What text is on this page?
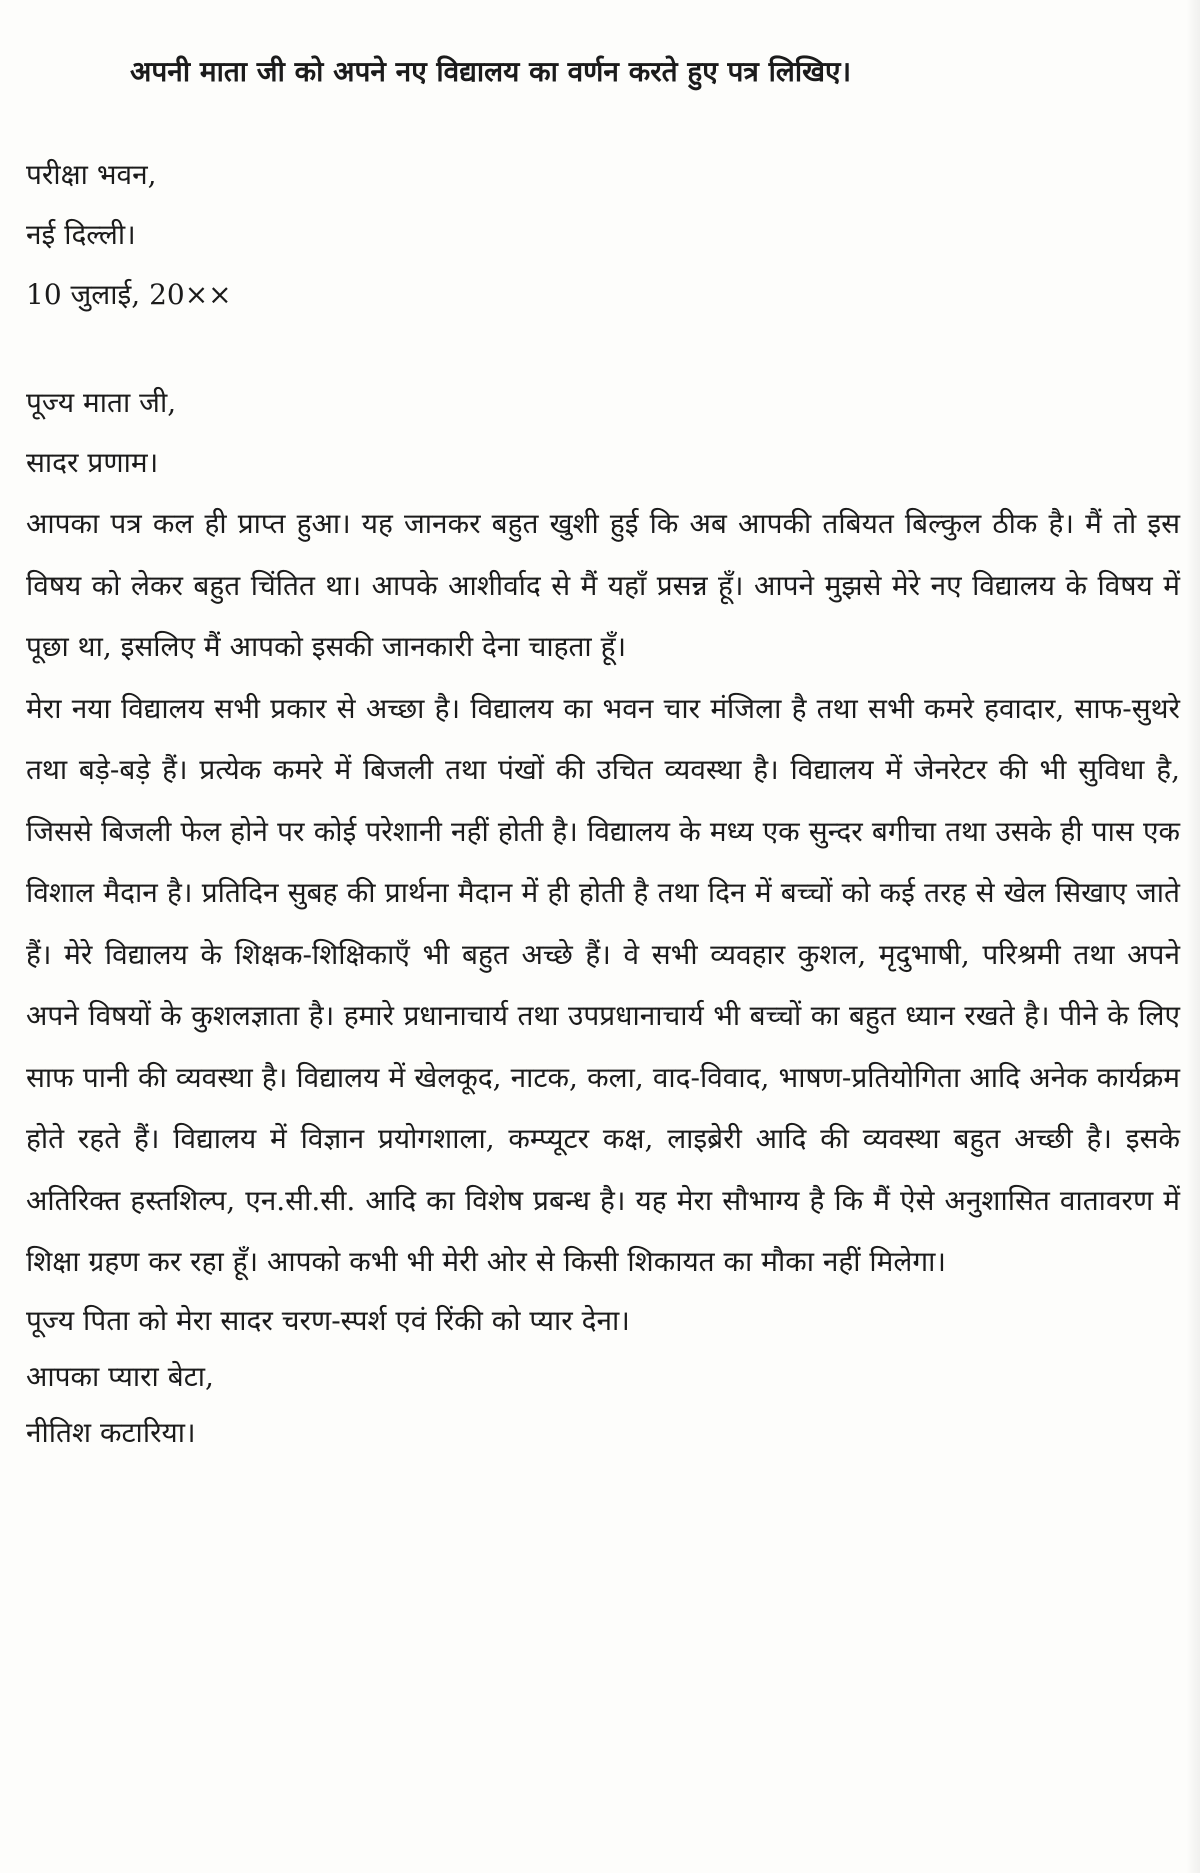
अपनी माता जी को अपने नए विद्यालय का वर्णन करते हुए पत्र लिखिए।
परीक्षा भवन,
नई दिल्ली।
10 जुलाई, 20××
पूज्य माता जी,
सादर प्रणाम।

आपका पत्र कल ही प्राप्त हुआ। यह जानकर बहुत खुशी हुई कि अब आपकी तबियत बिल्कुल ठीक है। मैं तो इस विषय को लेकर बहुत चिंतित था। आपके आशीर्वाद से मैं यहाँ प्रसन्न हूँ। आपने मुझसे मेरे नए विद्यालय के विषय में पूछा था, इसलिए मैं आपको इसकी जानकारी देना चाहता हूँ।

मेरा नया विद्यालय सभी प्रकार से अच्छा है। विद्यालय का भवन चार मंजिला है तथा सभी कमरे हवादार, साफ-सुथरे तथा बड़े-बड़े हैं। प्रत्येक कमरे में बिजली तथा पंखों की उचित व्यवस्था है। विद्यालय में जेनरेटर की भी सुविधा है, जिससे बिजली फेल होने पर कोई परेशानी नहीं होती है। विद्यालय के मध्य एक सुन्दर बगीचा तथा उसके ही पास एक विशाल मैदान है। प्रतिदिन सुबह की प्रार्थना मैदान में ही होती है तथा दिन में बच्चों को कई तरह से खेल सिखाए जाते हैं। मेरे विद्यालय के शिक्षक-शिक्षिकाएँ भी बहुत अच्छे हैं। वे सभी व्यवहार कुशल, मृदुभाषी, परिश्रमी तथा अपने अपने विषयों के कुशलज्ञाता है। हमारे प्रधानाचार्य तथा उपप्रधानाचार्य भी बच्चों का बहुत ध्यान रखते है। पीने के लिए साफ पानी की व्यवस्था है। विद्यालय में खेलकूद, नाटक, कला, वाद-विवाद, भाषण-प्रतियोगिता आदि अनेक कार्यक्रम होते रहते हैं। विद्यालय में विज्ञान प्रयोगशाला, कम्प्यूटर कक्ष, लाइब्रेरी आदि की व्यवस्था बहुत अच्छी है। इसके अतिरिक्त हस्तशिल्प, एन.सी.सी. आदि का विशेष प्रबन्ध है। यह मेरा सौभाग्य है कि मैं ऐसे अनुशासित वातावरण में शिक्षा ग्रहण कर रहा हूँ। आपको कभी भी मेरी ओर से किसी शिकायत का मौका नहीं मिलेगा।

पूज्य पिता को मेरा सादर चरण-स्पर्श एवं रिंकी को प्यार देना।
आपका प्यारा बेटा,
नीतिश कटारिया।
